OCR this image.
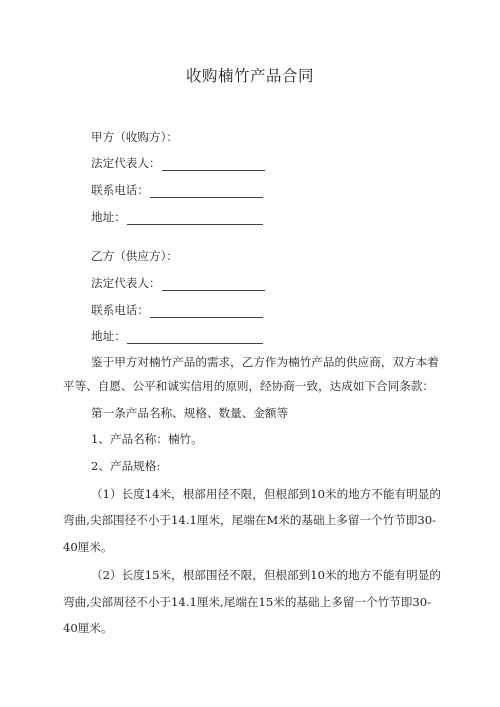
收购楠竹产品合同
甲方（收购方）：
法定代表人：
联系电话：
地址：
乙方（供应方）：
法定代表人：
联系电话：
地址：
鉴于甲方对楠竹产品的需求，乙方作为楠竹产品的供应商，双方本着
平等、自愿、公平和诚实信用的原则，经协商一致，达成如下合同条款：
第一条产品名称、规格、数量、金额等
1、产品名称：楠竹。
2、产品规格:
（1）长度14米，根部用径不限，但根部到10米的地方不能有明显的
弯曲,尖部围径不小于14.1厘米，尾端在M米的基础上多留一个竹节即30-
40厘米。
（2）长度15米，根部围径不限，但根部到10米的地方不能有明显的
弯曲,尖部周径不小于14.1厘米,尾端在15米的基础上多留一个竹节即30-
40厘米。
